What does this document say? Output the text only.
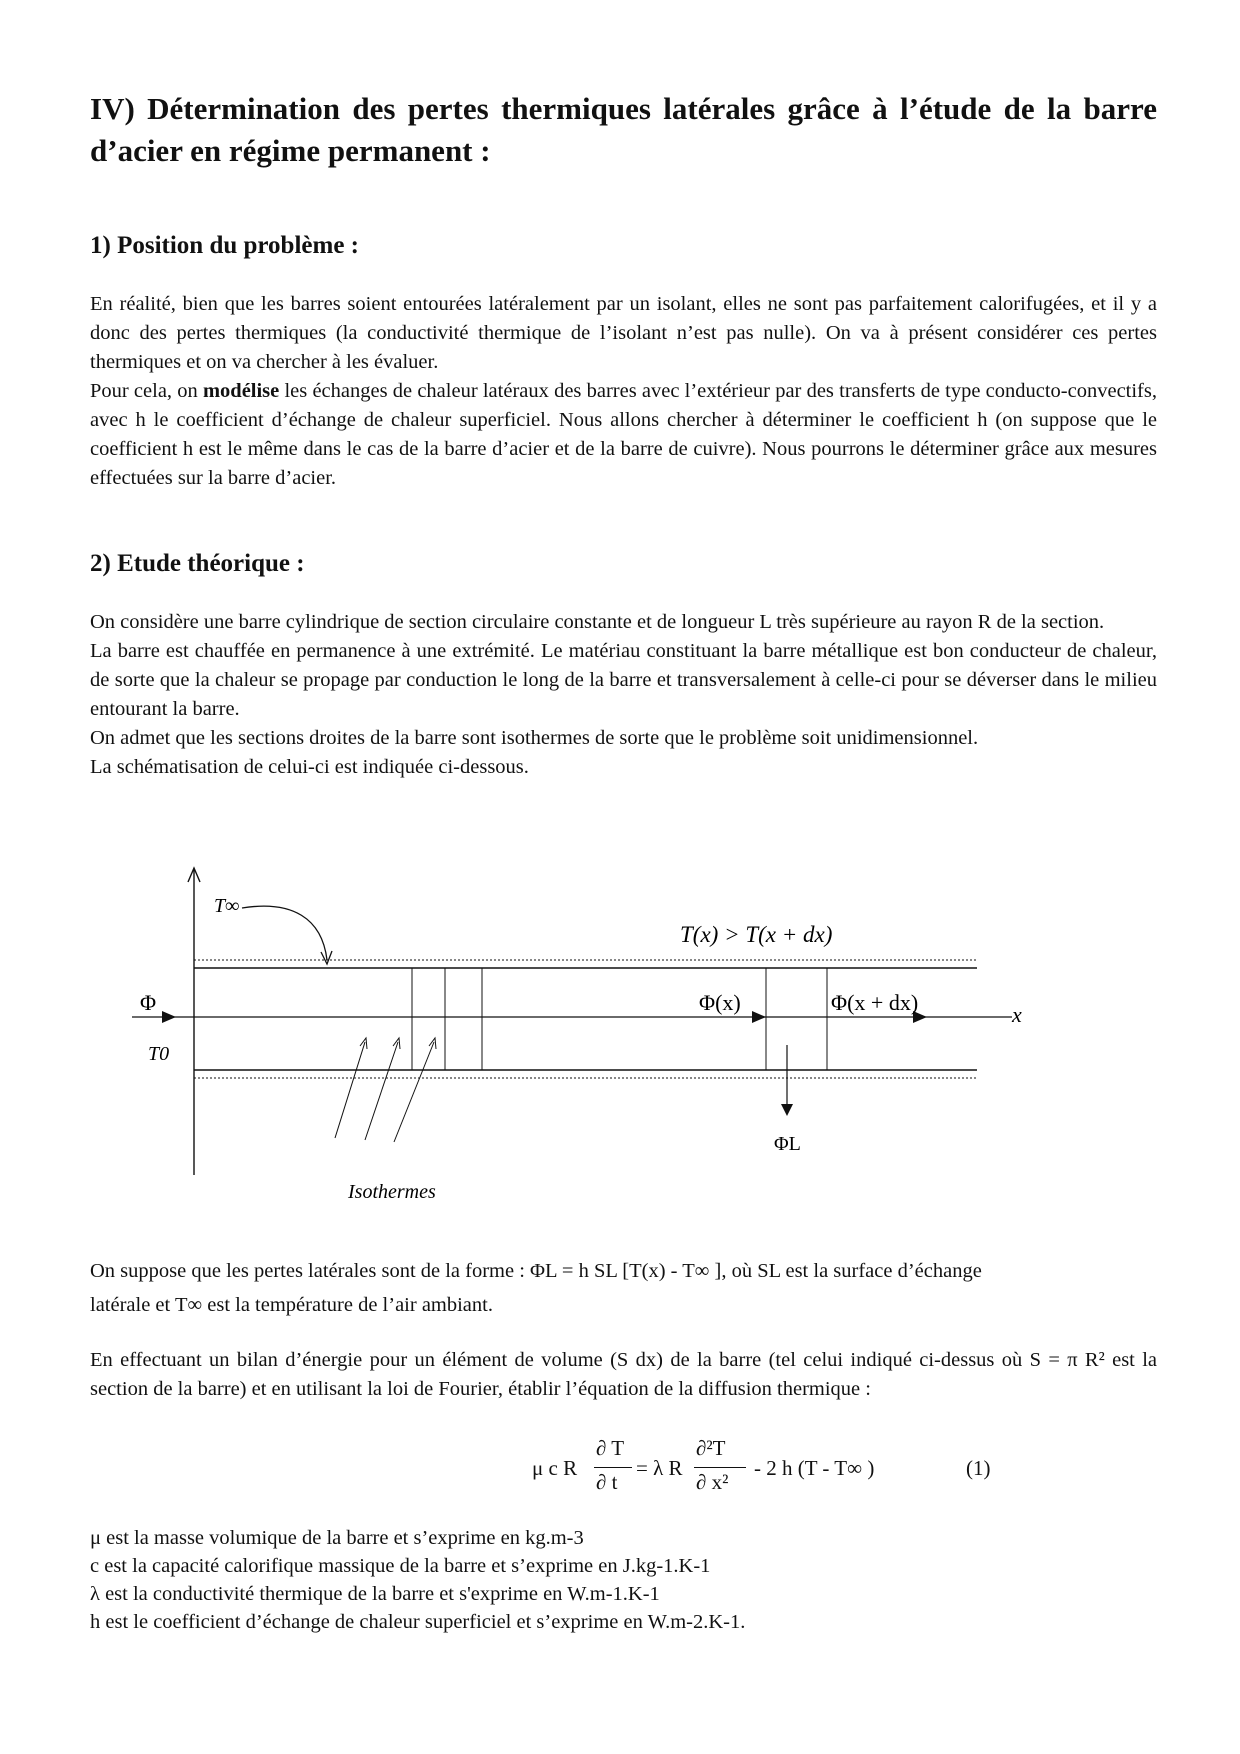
IV) Détermination des pertes thermiques latérales grâce à l’étude de la barre d’acier en régime permanent :
1) Position du problème :

En réalité, bien que les barres soient entourées latéralement par un isolant, elles ne sont pas parfaitement calorifugées, et il y a donc des pertes thermiques (la conductivité thermique de l’isolant n’est pas nulle). On va à présent considérer ces pertes thermiques et on va chercher à les évaluer.

Pour cela, on modélise les échanges de chaleur latéraux des barres avec l’extérieur par des transferts de type conducto-convectifs, avec h le coefficient d’échange de chaleur superficiel. Nous allons chercher à déterminer le coefficient h (on suppose que le coefficient h est le même dans le cas de la barre d’acier et de la barre de cuivre). Nous pourrons le déterminer grâce aux mesures effectuées sur la barre d’acier.

2) Etude théorique :

On considère une barre cylindrique de section circulaire constante et de longueur L très supérieure au rayon R de la section.

La barre est chauffée en permanence à une extrémité. Le matériau constituant la barre métallique est bon conducteur de chaleur, de sorte que la chaleur se propage par conduction le long de la barre et transversalement à celle-ci pour se déverser dans le milieu entourant la barre.

On admet que les sections droites de la barre sont isothermes de sorte que le problème soit unidimensionnel.

La schématisation de celui-ci est indiquée ci-dessous.

T∞
T(x) > T(x + dx)
Φ
T0
Φ(x)	Φ(x + dx)	x
ΦL
Isothermes
On suppose que les pertes latérales sont de la forme : ΦL = h SL [T(x) - T∞ ], où SL est la surface d’échange
latérale et T∞ est la température de l’air ambiant.

En effectuant un bilan d’énergie pour un élément de volume (S dx) de la barre (tel celui indiqué ci-dessus où S = π R² est la section de la barre) et en utilisant la loi de Fourier, établir l’équation de la diffusion thermique :

μ c R
∂ T
∂ t
= λ R
∂²T
∂ x²
- 2 h (T - T∞ )	(1)
μ est la masse volumique de la barre et s’exprime en kg.m-3
c est la capacité calorifique massique de la barre et s’exprime en J.kg-1.K-1
λ est la conductivité thermique de la barre et s'exprime en W.m-1.K-1
h est le coefficient d’échange de chaleur superficiel et s’exprime en W.m-2.K-1.
